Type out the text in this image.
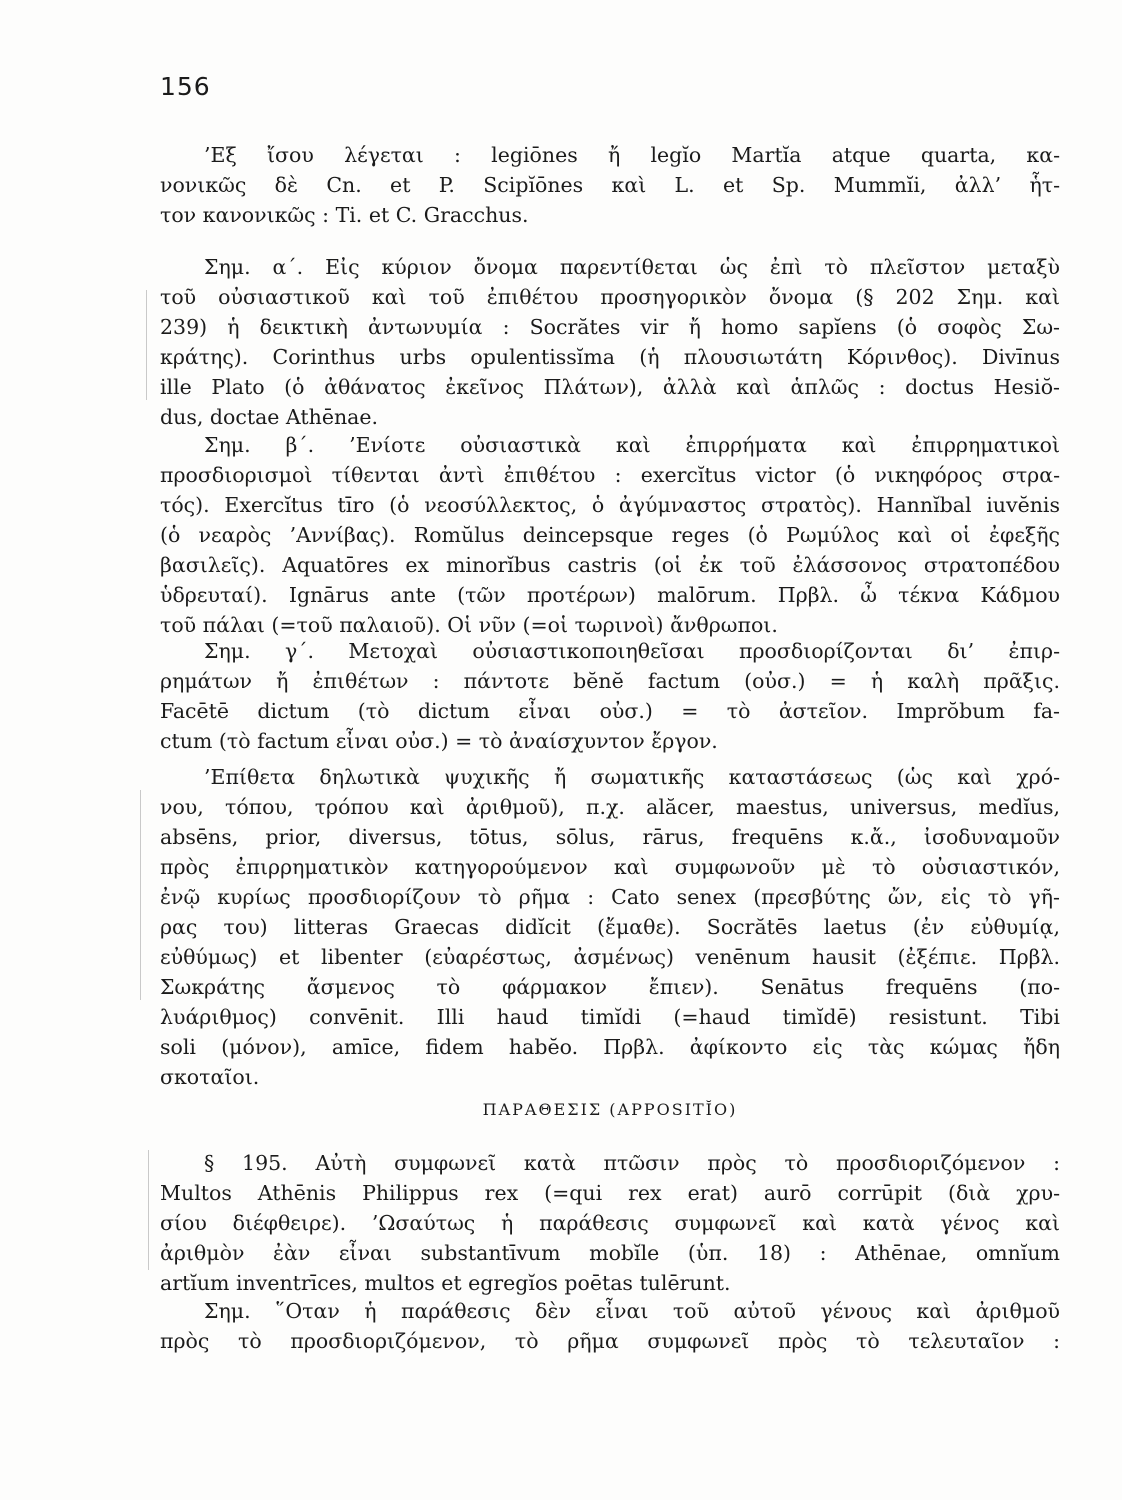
156
’Εξ ἴσου λέγεται : legiōnes ἤ legĭo Martĭa atque quarta, κα-
νονικῶς δὲ Cn. et P. Scipĭōnes καὶ L. et Sp. Mummĭi, ἀλλ’ ἧτ-
τον κανονικῶς : Ti. et C. Gracchus.
Σημ. α΄. Εἰς κύριον ὄνομα παρεντίθεται ὡς ἐπὶ τὸ πλεῖστον μεταξὺ
τοῦ οὐσιαστικοῦ καὶ τοῦ ἐπιθέτου προσηγορικὸν ὄνομα (§ 202 Σημ. καὶ
239) ἡ δεικτικὴ ἀντωνυμία : Socrătes vir ἤ homo sapĭens (ὁ σοφὸς Σω-
κράτης). Corinthus urbs opulentissĭma (ἡ πλουσιωτάτη Κόρινθος). Divīnus
ille Plato (ὁ ἀθάνατος ἐκεῖνος Πλάτων), ἀλλὰ καὶ ἁπλῶς : doctus Hesiŏ-
dus, doctae Athēnae.
Σημ. β΄. ’Ενίοτε οὐσιαστικὰ καὶ ἐπιρρήματα καὶ ἐπιρρηματικοὶ
προσδιορισμοὶ τίθενται ἀντὶ ἐπιθέτου : exercĭtus victor (ὁ νικηφόρος στρα-
τός). Exercĭtus tīro (ὁ νεοσύλλεκτος, ὁ ἀγύμναστος στρατὸς). Hannĭbal iuvĕnis
(ὁ νεαρὸς ’Αννίβας). Romŭlus deincepsque reges (ὁ Ρωμύλος καὶ οἱ ἐφεξῆς
βασιλεῖς). Aquatōres ex minorĭbus castris (οἱ ἐκ τοῦ ἐλάσσονος στρατοπέδου
ὑδρευταί). Ignārus ante (τῶν προτέρων) malōrum. Πρβλ. ὦ τέκνα Κάδμου
τοῦ πάλαι (=τοῦ παλαιοῦ). Οἱ νῦν (=οἱ τωρινοὶ) ἄνθρωποι.
Σημ. γ΄. Μετοχαὶ οὐσιαστικοποιηθεῖσαι προσδιορίζονται δι’ ἐπιρ-
ρημάτων ἤ ἐπιθέτων : πάντοτε bĕnĕ factum (οὐσ.) = ἡ καλὴ πρᾶξις.
Facētē dictum (τὸ dictum εἶναι οὐσ.) = τὸ ἀστεῖον. Imprŏbum fa-
ctum (τὸ factum εἶναι οὐσ.) = τὸ ἀναίσχυντον ἔργον.
’Επίθετα δηλωτικὰ ψυχικῆς ἤ σωματικῆς καταστάσεως (ὡς καὶ χρό-
νου, τόπου, τρόπου καὶ ἀριθμοῦ), π.χ. alăcer, maestus, universus, medĭus,
absēns, prior, diversus, tōtus, sōlus, rārus, frequēns κ.ἄ., ἰσοδυναμοῦν
πρὸς ἐπιρρηματικὸν κατηγορούμενον καὶ συμφωνοῦν μὲ τὸ οὐσιαστικόν,
ἐνῷ κυρίως προσδιορίζουν τὸ ρῆμα : Cato senex (πρεσβύτης ὤν, εἰς τὸ γῆ-
ρας του) litteras Graecas didĭcit (ἔμαθε). Socrătēs laetus (ἐν εὐθυμίᾳ,
εὐθύμως) et libenter (εὐαρέστως, ἀσμένως) venēnum hausit (ἐξέπιε. Πρβλ.
Σωκράτης ἄσμενος τὸ φάρμακον ἔπιεν). Senātus frequēns (πο-
λυάριθμος) convēnit. Illi haud timĭdi (=haud timĭdē) resistunt. Tibi
soli (μόνον), amīce, fidem habĕo. Πρβλ. ἀφίκοντο εἰς τὰς κώμας ἤδη
σκοταῖοι.
ΠΑΡΑΘΕΣΙΣ (APPOSITĬO)
§ 195. Αὐτὴ συμφωνεῖ κατὰ πτῶσιν πρὸς τὸ προσδιοριζόμενον :
Multos Athēnis Philippus rex (=qui rex erat) aurō corrūpit (διὰ χρυ-
σίου διέφθειρε). ’Ωσαύτως ἡ παράθεσις συμφωνεῖ καὶ κατὰ γένος καὶ
ἀριθμὸν ἐὰν εἶναι substantīvum mobĭle (ὑπ. 18) : Athēnae, omnĭum
artĭum inventrīces, multos et egregĭos poētas tulērunt.
Σημ. ῞Οταν ἡ παράθεσις δὲν εἶναι τοῦ αὐτοῦ γένους καὶ ἀριθμοῦ
πρὸς τὸ προσδιοριζόμενον, τὸ ρῆμα συμφωνεῖ πρὸς τὸ τελευταῖον :
